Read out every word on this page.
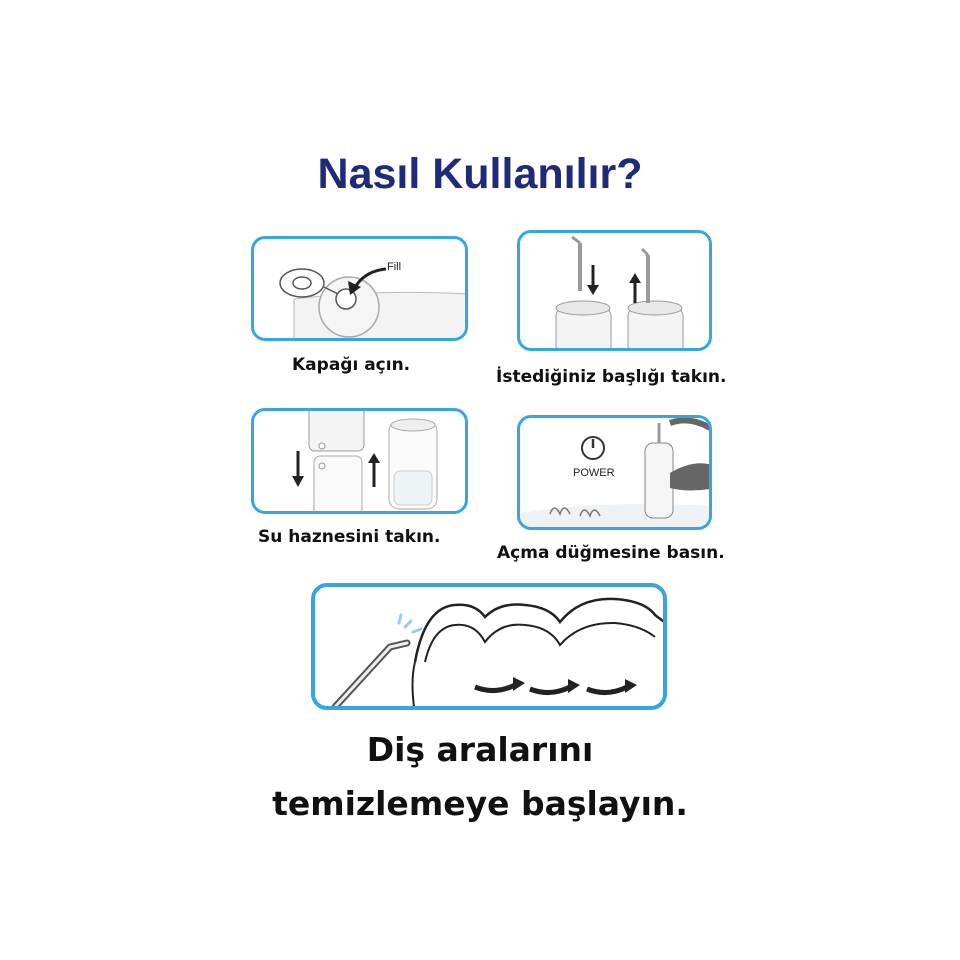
Nasıl Kullanılır?
Fill
Kapağı açın.
İstediğiniz başlığı takın.
Su haznesini takın.
POWER
Açma düğmesine basın.
Diş aralarını
temizlemeye başlayın.
